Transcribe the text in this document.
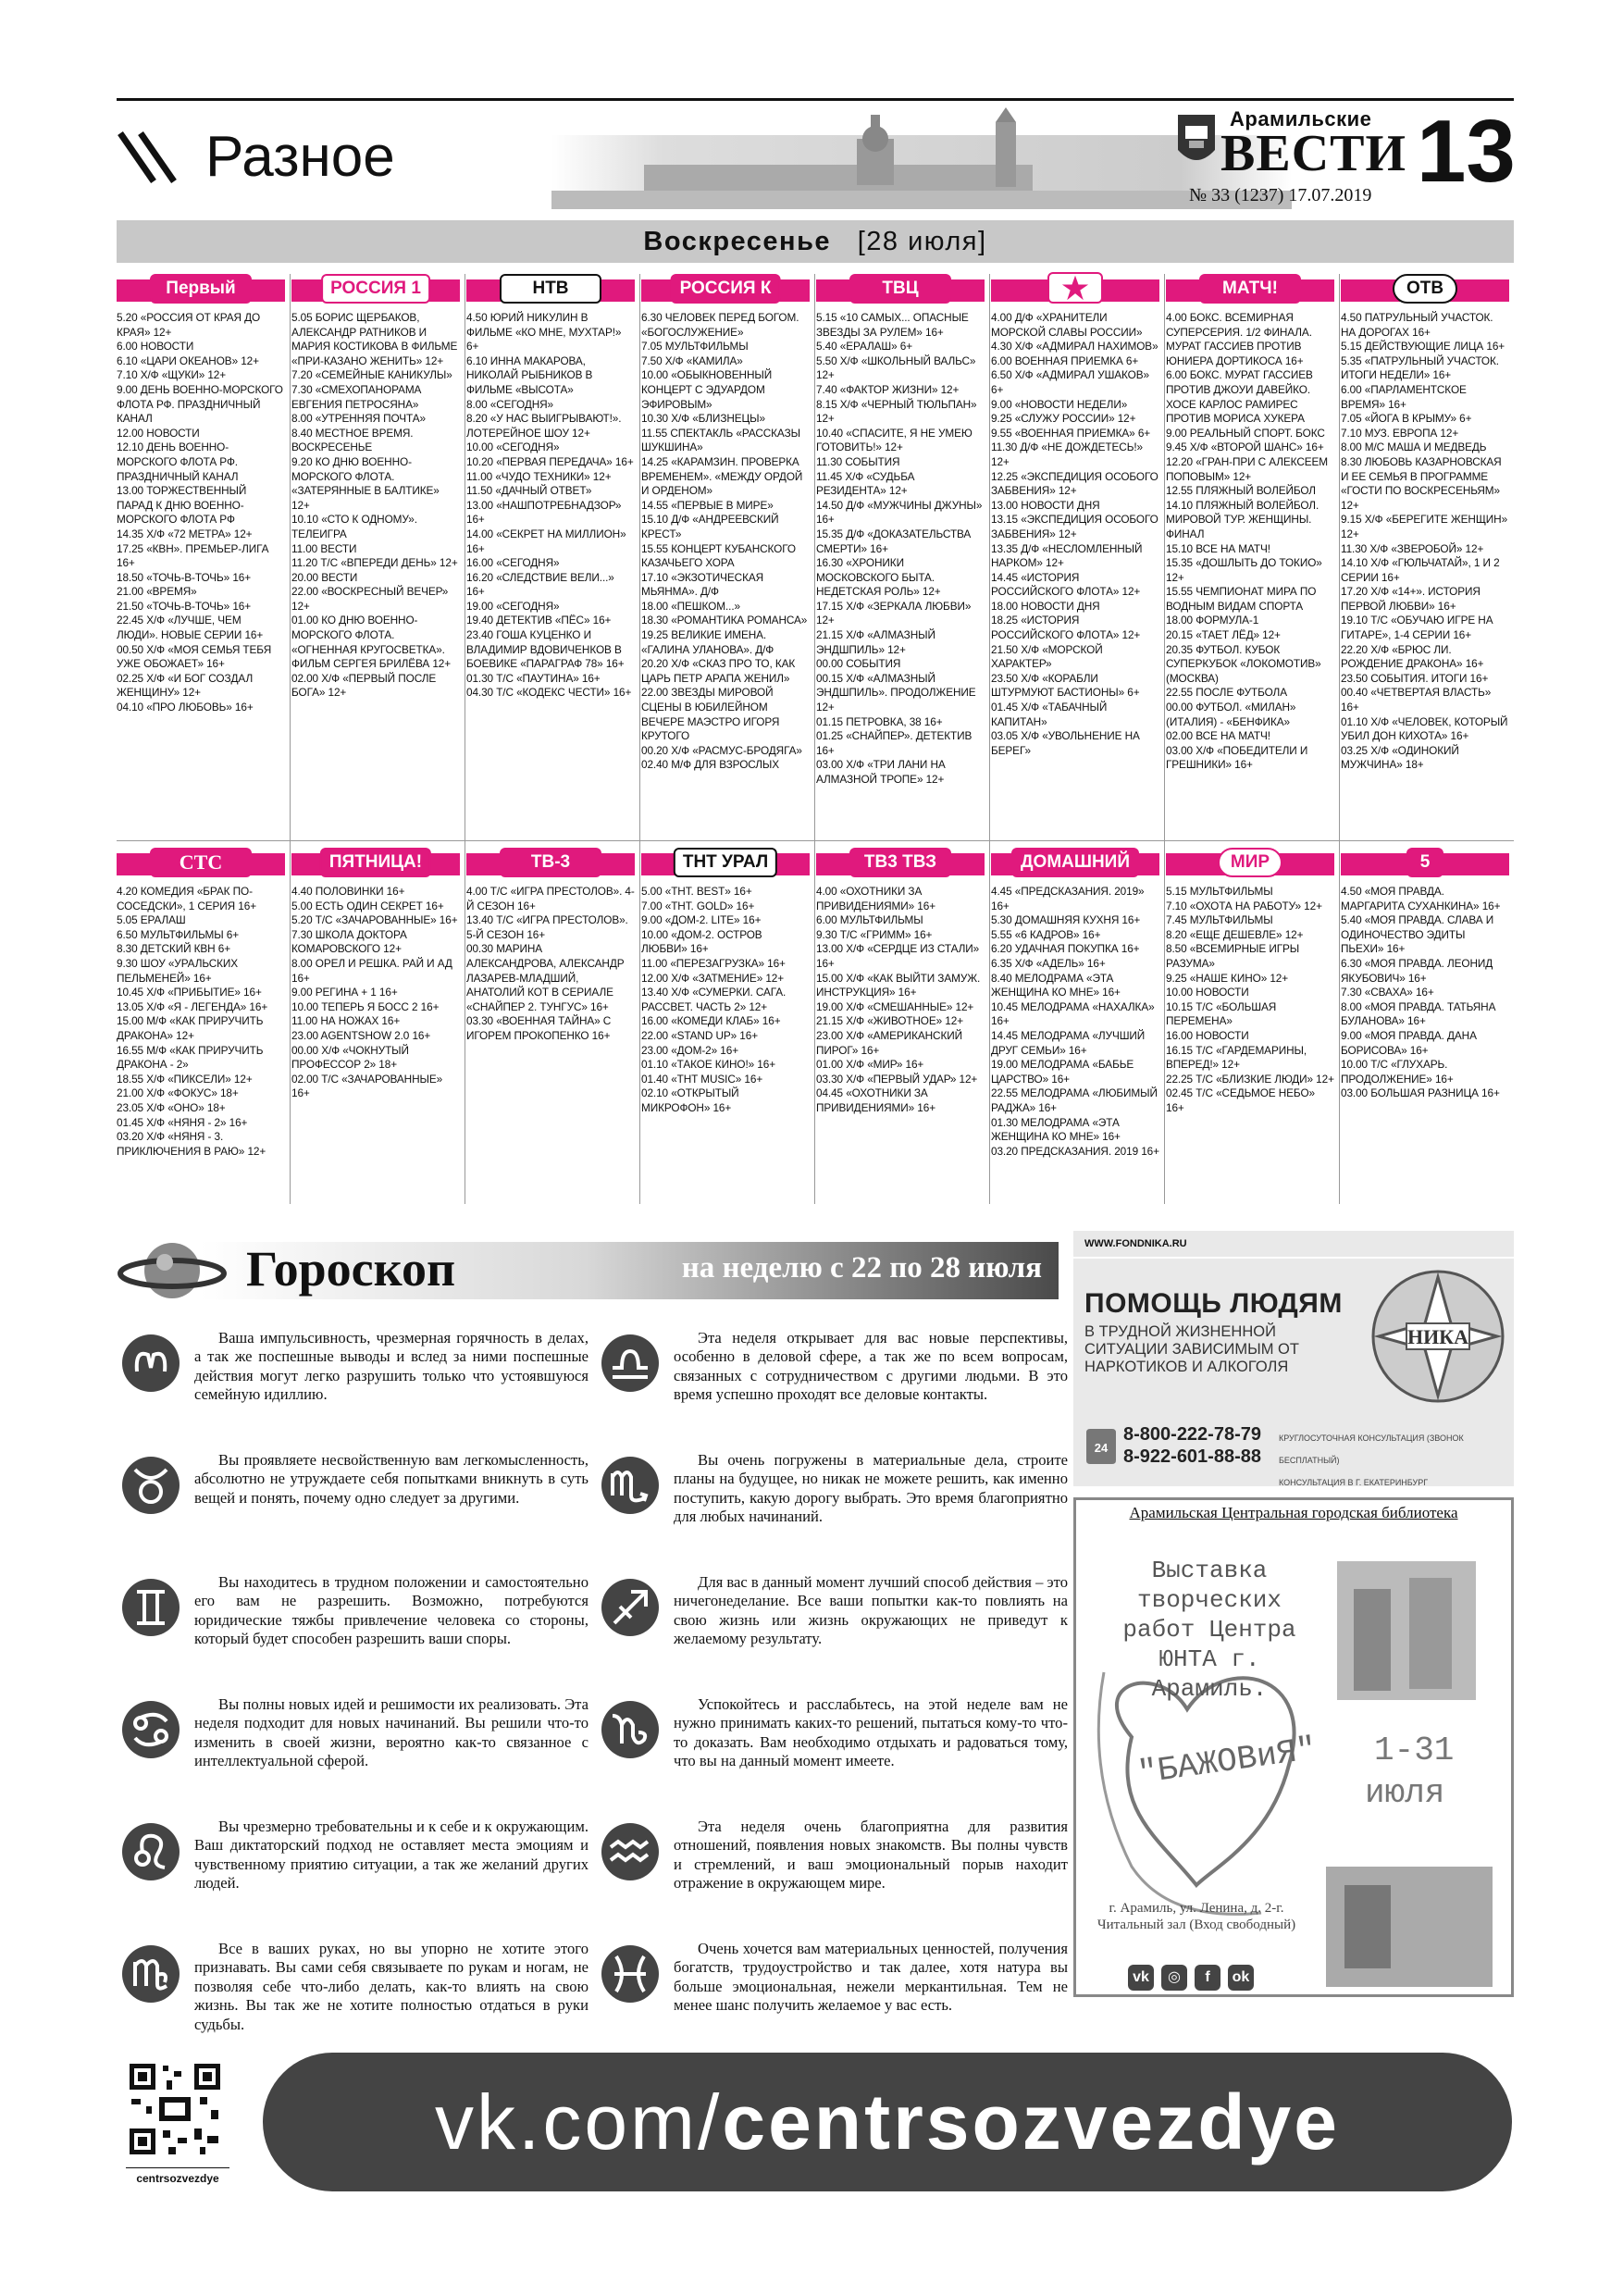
Разное
Арамильские
ВЕСТИ 13
№ 33 (1237) 17.07.2019
Воскресенье [28 июля]
Первый

5.20 «РОССИЯ ОТ КРАЯ ДО КРАЯ» 12+

6.00 НОВОСТИ

6.10 «ЦАРИ ОКЕАНОВ» 12+

7.10 Х/Ф «ЩУКИ» 12+

9.00 ДЕНЬ ВОЕННО-МОРСКОГО ФЛОТА РФ. ПРАЗДНИЧНЫЙ КАНАЛ

12.00 НОВОСТИ

12.10 ДЕНЬ ВОЕННО-МОРСКОГО ФЛОТА РФ. ПРАЗДНИЧНЫЙ КАНАЛ

13.00 ТОРЖЕСТВЕННЫЙ ПАРАД К ДНЮ ВОЕННО-МОРСКОГО ФЛОТА РФ

14.35 Х/Ф «72 МЕТРА» 12+

17.25 «КВН». ПРЕМЬЕР-ЛИГА 16+

18.50 «ТОЧЬ-В-ТОЧЬ» 16+

21.00 «ВРЕМЯ»

21.50 «ТОЧЬ-В-ТОЧЬ» 16+

22.45 Х/Ф «ЛУЧШЕ, ЧЕМ ЛЮДИ». НОВЫЕ СЕРИИ 16+

00.50 Х/Ф «МОЯ СЕМЬЯ ТЕБЯ УЖЕ ОБОЖАЕТ» 16+

02.25 Х/Ф «И БОГ СОЗДАЛ ЖЕНЩИНУ» 12+

04.10 «ПРО ЛЮБОВЬ» 16+

РОССИЯ 1

5.05 БОРИС ЩЕРБАКОВ, АЛЕКСАНДР РАТНИКОВ И МАРИЯ КОСТИКОВА В ФИЛЬМЕ «ПРИ-КАЗАНО ЖЕНИТЬ» 12+

7.20 «СЕМЕЙНЫЕ КАНИКУЛЫ»

7.30 «СМЕХОПАНОРАМА ЕВГЕНИЯ ПЕТРОСЯНА»

8.00 «УТРЕННЯЯ ПОЧТА»

8.40 МЕСТНОЕ ВРЕМЯ. ВОСКРЕСЕНЬЕ

9.20 КО ДНЮ ВОЕННО-МОРСКОГО ФЛОТА. «ЗАТЕРЯННЫЕ В БАЛТИКЕ» 12+

10.10 «СТО К ОДНОМУ». ТЕЛЕИГРА

11.00 ВЕСТИ

11.20 Т/С «ВПЕРЕДИ ДЕНЬ» 12+

20.00 ВЕСТИ

22.00 «ВОСКРЕСНЫЙ ВЕЧЕР» 12+

01.00 КО ДНЮ ВОЕННО-МОРСКОГО ФЛОТА. «ОГНЕННАЯ КРУГОСВЕТКА». ФИЛЬМ СЕРГЕЯ БРИЛЁВА 12+

02.00 Х/Ф «ПЕРВЫЙ ПОСЛЕ БОГА» 12+

НТВ

4.50 ЮРИЙ НИКУЛИН В ФИЛЬМЕ «КО МНЕ, МУХТАР!» 6+

6.10 ИННА МАКАРОВА, НИКОЛАЙ РЫБНИКОВ В ФИЛЬМЕ «ВЫСОТА»

8.00 «СЕГОДНЯ»

8.20 «У НАС ВЫИГРЫВАЮТ!». ЛОТЕРЕЙНОЕ ШОУ 12+

10.00 «СЕГОДНЯ»

10.20 «ПЕРВАЯ ПЕРЕДАЧА» 16+

11.00 «ЧУДО ТЕХНИКИ» 12+

11.50 «ДАЧНЫЙ ОТВЕТ»

13.00 «НАШПОТРЕБНАДЗОР» 16+

14.00 «СЕКРЕТ НА МИЛЛИОН» 16+

16.00 «СЕГОДНЯ»

16.20 «СЛЕДСТВИЕ ВЕЛИ...» 16+

19.00 «СЕГОДНЯ»

19.40 ДЕТЕКТИВ «ПЁС» 16+

23.40 ГОША КУЦЕНКО И ВЛАДИМИР ВДОВИЧЕНКОВ В БОЕВИКЕ «ПАРАГРАФ 78» 16+

01.30 Т/С «ПАУТИНА» 16+

04.30 Т/С «КОДЕКС ЧЕСТИ» 16+

РОССИЯ К

6.30 ЧЕЛОВЕК ПЕРЕД БОГОМ. «БОГОСЛУЖЕНИЕ»

7.05 МУЛЬТФИЛЬМЫ

7.50 Х/Ф «КАМИЛА»

10.00 «ОБЫКНОВЕННЫЙ КОНЦЕРТ С ЭДУАРДОМ ЭФИРОВЫМ»

10.30 Х/Ф «БЛИЗНЕЦЫ»

11.55 СПЕКТАКЛЬ «РАССКАЗЫ ШУКШИНА»

14.25 «КАРАМЗИН. ПРОВЕРКА ВРЕМЕНЕМ». «МЕЖДУ ОРДОЙ И ОРДЕНОМ»

14.55 «ПЕРВЫЕ В МИРЕ»

15.10 Д/Ф «АНДРЕЕВСКИЙ КРЕСТ»

15.55 КОНЦЕРТ КУБАНСКОГО КАЗАЧЬЕГО ХОРА

17.10 «ЭКЗОТИЧЕСКАЯ МЬЯНМА». Д/Ф

18.00 «ПЕШКОМ...»

18.30 «РОМАНТИКА РОМАНСА»

19.25 ВЕЛИКИЕ ИМЕНА. «ГАЛИНА УЛАНОВА». Д/Ф

20.20 Х/Ф «СКАЗ ПРО ТО, КАК ЦАРЬ ПЕТР АРАПА ЖЕНИЛ»

22.00 ЗВЕЗДЫ МИРОВОЙ СЦЕНЫ В ЮБИЛЕЙНОМ ВЕЧЕРЕ МАЭСТРО ИГОРЯ КРУТОГО

00.20 Х/Ф «РАСМУС-БРОДЯГА»

02.40 М/Ф ДЛЯ ВЗРОСЛЫХ

ТВЦ

5.15 «10 САМЫХ... ОПАСНЫЕ ЗВЕЗДЫ ЗА РУЛЕМ» 16+

5.40 «ЕРАЛАШ» 6+

5.50 Х/Ф «ШКОЛЬНЫЙ ВАЛЬС» 12+

7.40 «ФАКТОР ЖИЗНИ» 12+

8.15 Х/Ф «ЧЕРНЫЙ ТЮЛЬПАН» 12+

10.40 «СПАСИТЕ, Я НЕ УМЕЮ ГОТОВИТЬ!» 12+

11.30 СОБЫТИЯ

11.45 Х/Ф «СУДЬБА РЕЗИДЕНТА» 12+

14.50 Д/Ф «МУЖЧИНЫ ДЖУНЫ» 16+

15.35 Д/Ф «ДОКАЗАТЕЛЬСТВА СМЕРТИ» 16+

16.30 «ХРОНИКИ МОСКОВСКОГО БЫТА. НЕДЕТСКАЯ РОЛЬ» 12+

17.15 Х/Ф «ЗЕРКАЛА ЛЮБВИ» 12+

21.15 Х/Ф «АЛМАЗНЫЙ ЭНДШПИЛЬ» 12+

00.00 СОБЫТИЯ

00.15 Х/Ф «АЛМАЗНЫЙ ЭНДШПИЛЬ». ПРОДОЛЖЕНИЕ 12+

01.15 ПЕТРОВКА, 38 16+

01.25 «СНАЙПЕР». ДЕТЕКТИВ 16+

03.00 Х/Ф «ТРИ ЛАНИ НА АЛМАЗНОЙ ТРОПЕ» 12+

4.00 Д/Ф «ХРАНИТЕЛИ МОРСКОЙ СЛАВЫ РОССИИ»

4.30 Х/Ф «АДМИРАЛ НАХИМОВ»

6.00 ВОЕННАЯ ПРИЕМКА 6+

6.50 Х/Ф «АДМИРАЛ УШАКОВ» 6+

9.00 «НОВОСТИ НЕДЕЛИ»

9.25 «СЛУЖУ РОССИИ» 12+

9.55 «ВОЕННАЯ ПРИЕМКА» 6+

11.30 Д/Ф «НЕ ДОЖДЕТЕСЬ!» 12+

12.25 «ЭКСПЕДИЦИЯ ОСОБОГО ЗАБВЕНИЯ» 12+

13.00 НОВОСТИ ДНЯ

13.15 «ЭКСПЕДИЦИЯ ОСОБОГО ЗАБВЕНИЯ» 12+

13.35 Д/Ф «НЕСЛОМЛЕННЫЙ НАРКОМ» 12+

14.45 «ИСТОРИЯ РОССИЙСКОГО ФЛОТА» 12+

18.00 НОВОСТИ ДНЯ

18.25 «ИСТОРИЯ РОССИЙСКОГО ФЛОТА» 12+

21.50 Х/Ф «МОРСКОЙ ХАРАКТЕР»

23.50 Х/Ф «КОРАБЛИ ШТУРМУЮТ БАСТИОНЫ» 6+

01.45 Х/Ф «ТАБАЧНЫЙ КАПИТАН»

03.05 Х/Ф «УВОЛЬНЕНИЕ НА БЕРЕГ»

МАТЧ!

4.00 БОКС. ВСЕМИРНАЯ СУПЕРСЕРИЯ. 1/2 ФИНАЛА. МУРАТ ГАССИЕВ ПРОТИВ ЮНИЕРА ДОРТИКОСА 16+

6.00 БОКС. МУРАТ ГАССИЕВ ПРОТИВ ДЖОУИ ДАВЕЙКО. ХОСЕ КАРЛОС РАМИРЕС ПРОТИВ МОРИСА ХУКЕРА

9.00 РЕАЛЬНЫЙ СПОРТ. БОКС

9.45 Х/Ф «ВТОРОЙ ШАНС» 16+

12.20 «ГРАН-ПРИ С АЛЕКСЕЕМ ПОПОВЫМ» 12+

12.55 ПЛЯЖНЫЙ ВОЛЕЙБОЛ

14.10 ПЛЯЖНЫЙ ВОЛЕЙБОЛ. МИРОВОЙ ТУР. ЖЕНЩИНЫ. ФИНАЛ

15.10 ВСЕ НА МАТЧ!

15.35 «ДОШЛЫТЬ ДО ТОКИО» 12+

15.55 ЧЕМПИОНАТ МИРА ПО ВОДНЫМ ВИДАМ СПОРТА

18.00 ФОРМУЛА-1

20.15 «ТАЕТ ЛЁД» 12+

20.35 ФУТБОЛ. КУБОК СУПЕРКУБОК «ЛОКОМОТИВ» (МОСКВА)

22.55 ПОСЛЕ ФУТБОЛА

00.00 ФУТБОЛ. «МИЛАН» (ИТАЛИЯ) - «БЕНФИКА»

02.00 ВСЕ НА МАТЧ!

03.00 Х/Ф «ПОБЕДИТЕЛИ И ГРЕШНИКИ» 16+

ОТВ

4.50 ПАТРУЛЬНЫЙ УЧАСТОК. НА ДОРОГАХ 16+

5.15 ДЕЙСТВУЮЩИЕ ЛИЦА 16+

5.35 «ПАТРУЛЬНЫЙ УЧАСТОК. ИТОГИ НЕДЕЛИ» 16+

6.00 «ПАРЛАМЕНТСКОЕ ВРЕМЯ» 16+

7.05 «ЙОГА В КРЫМУ» 6+

7.10 МУЗ. ЕВРОПА 12+

8.00 М/С МАША И МЕДВЕДЬ

8.30 ЛЮБОВЬ КАЗАРНОВСКАЯ И ЕЕ СЕМЬЯ В ПРОГРАММЕ «ГОСТИ ПО ВОСКРЕСЕНЬЯМ» 12+

9.15 Х/Ф «БЕРЕГИТЕ ЖЕНЩИН» 12+

11.30 Х/Ф «ЗВЕРОБОЙ» 12+

14.10 Х/Ф «ГЮЛЬЧАТАЙ», 1 И 2 СЕРИИ 16+

17.20 Х/Ф «14+». ИСТОРИЯ ПЕРВОЙ ЛЮБВИ» 16+

19.10 Т/С «ОБУЧАЮ ИГРЕ НА ГИТАРЕ», 1-4 СЕРИИ 16+

22.20 Х/Ф «БРЮС ЛИ. РОЖДЕНИЕ ДРАКОНА» 16+

23.50 СОБЫТИЯ. ИТОГИ 16+

00.40 «ЧЕТВЕРТАЯ ВЛАСТЬ» 16+

01.10 Х/Ф «ЧЕЛОВЕК, КОТОРЫЙ УБИЛ ДОН КИХОТА» 16+

03.25 Х/Ф «ОДИНОКИЙ МУЖЧИНА» 18+

СТС

4.20 КОМЕДИЯ «БРАК ПО-СОСЕДСКИ», 1 СЕРИЯ 16+

5.05 ЕРАЛАШ

6.50 МУЛЬТФИЛЬМЫ 6+

8.30 ДЕТСКИЙ КВН 6+

9.30 ШОУ «УРАЛЬСКИХ ПЕЛЬМЕНЕЙ» 16+

10.45 Х/Ф «ПРИБЫТИЕ» 16+

13.05 Х/Ф «Я - ЛЕГЕНДА» 16+

15.00 М/Ф «КАК ПРИРУЧИТЬ ДРАКОНА» 12+

16.55 М/Ф «КАК ПРИРУЧИТЬ ДРАКОНА - 2»

18.55 Х/Ф «ПИКСЕЛИ» 12+

21.00 Х/Ф «ФОКУС» 18+

23.05 Х/Ф «ОНО» 18+

01.45 Х/Ф «НЯНЯ - 2» 16+

03.20 Х/Ф «НЯНЯ - 3. ПРИКЛЮЧЕНИЯ В РАЮ» 12+

ПЯТНИЦА!

4.40 ПОЛОВИНКИ 16+

5.00 ЕСТЬ ОДИН СЕКРЕТ 16+

5.20 Т/С «ЗАЧАРОВАННЫЕ» 16+

7.30 ШКОЛА ДОКТОРА КОМАРОВСКОГО 12+

8.00 ОРЕЛ И РЕШКА. РАЙ И АД 16+

9.00 РЕГИНА + 1 16+

10.00 ТЕПЕРЬ Я БОСС 2 16+

11.00 НА НОЖАХ 16+

23.00 AGENTSHOW 2.0 16+

00.00 Х/Ф «ЧОКНУТЫЙ ПРОФЕССОР 2» 18+

02.00 Т/С «ЗАЧАРОВАННЫЕ» 16+

ТВ-3

4.00 Т/С «ИГРА ПРЕСТОЛОВ». 4-Й СЕЗОН 16+

13.40 Т/С «ИГРА ПРЕСТОЛОВ». 5-Й СЕЗОН 16+

00.30 МАРИНА АЛЕКСАНДРОВА, АЛЕКСАНДР ЛАЗАРЕВ-МЛАДШИЙ, АНАТОЛИЙ КОТ В СЕРИАЛЕ «СНАЙПЕР 2. ТУНГУС» 16+

03.30 «ВОЕННАЯ ТАЙНА» С ИГОРЕМ ПРОКОПЕНКО 16+

ТНТ УРАЛ

5.00 «ТНТ. BEST» 16+

7.00 «ТНТ. GOLD» 16+

9.00 «ДОМ-2. LITE» 16+

10.00 «ДОМ-2. ОСТРОВ ЛЮБВИ» 16+

11.00 «ПЕРЕЗАГРУЗКА» 16+

12.00 Х/Ф «ЗАТМЕНИЕ» 12+

13.40 Х/Ф «СУМЕРКИ. САГА. РАССВЕТ. ЧАСТЬ 2» 12+

16.00 «КОМЕДИ КЛАБ» 16+

22.00 «STAND UP» 16+

23.00 «ДОМ-2» 16+

01.10 «ТАКОЕ КИНО!» 16+

01.40 «THT MUSIC» 16+

02.10 «ОТКРЫТЫЙ МИКРОФОН» 16+

ТВ3 ТВЗ

4.00 «ОХОТНИКИ ЗА ПРИВИДЕНИЯМИ» 16+

6.00 МУЛЬТФИЛЬМЫ

9.30 Т/С «ГРИММ» 16+

13.00 Х/Ф «СЕРДЦЕ ИЗ СТАЛИ» 16+

15.00 Х/Ф «КАК ВЫЙТИ ЗАМУЖ. ИНСТРУКЦИЯ» 16+

19.00 Х/Ф «СМЕШАННЫЕ» 12+

21.15 Х/Ф «ЖИВОТНОЕ» 12+

23.00 Х/Ф «АМЕРИКАНСКИЙ ПИРОГ» 16+

01.00 Х/Ф «МИР» 16+

03.30 Х/Ф «ПЕРВЫЙ УДАР» 12+

04.45 «ОХОТНИКИ ЗА ПРИВИДЕНИЯМИ» 16+

ДОМАШНИЙ

4.45 «ПРЕДСКАЗАНИЯ. 2019» 16+

5.30 ДОМАШНЯЯ КУХНЯ 16+

5.55 «6 КАДРОВ» 16+

6.20 УДАЧНАЯ ПОКУПКА 16+

6.35 Х/Ф «АДЕЛЬ» 16+

8.40 МЕЛОДРАМА «ЭТА ЖЕНЩИНА КО МНЕ» 16+

10.45 МЕЛОДРАМА «НАХАЛКА» 16+

14.45 МЕЛОДРАМА «ЛУЧШИЙ ДРУГ СЕМЬИ» 16+

19.00 МЕЛОДРАМА «БАБЬЕ ЦАРСТВО» 16+

22.55 МЕЛОДРАМА «ЛЮБИМЫЙ РАДЖА» 16+

01.30 МЕЛОДРАМА «ЭТА ЖЕНЩИНА КО МНЕ» 16+

03.20 ПРЕДСКАЗАНИЯ. 2019 16+

МИР

5.15 МУЛЬТФИЛЬМЫ

7.10 «ОХОТА НА РАБОТУ» 12+

7.45 МУЛЬТФИЛЬМЫ

8.20 «ЕЩЕ ДЕШЕВЛЕ» 12+

8.50 «ВСЕМИРНЫЕ ИГРЫ РАЗУМА»

9.25 «НАШЕ КИНО» 12+

10.00 НОВОСТИ

10.15 Т/С «БОЛЬШАЯ ПЕРЕМЕНА»

16.00 НОВОСТИ

16.15 Т/С «ГАРДЕМАРИНЫ, ВПЕРЕД!» 12+

22.25 Т/С «БЛИЗКИЕ ЛЮДИ» 12+

02.45 Т/С «СЕДЬМОЕ НЕБО» 16+

5

4.50 «МОЯ ПРАВДА. МАРГАРИТА СУХАНКИНА» 16+

5.40 «МОЯ ПРАВДА. СЛАВА И ОДИНОЧЕСТВО ЭДИТЫ ПЬЕХИ» 16+

6.30 «МОЯ ПРАВДА. ЛЕОНИД ЯКУБОВИЧ» 16+

7.30 «СВАХА» 16+

8.00 «МОЯ ПРАВДА. ТАТЬЯНА БУЛАНОВА» 16+

9.00 «МОЯ ПРАВДА. ДАНА БОРИСОВА» 16+

10.00 Т/С «ГЛУХАРЬ. ПРОДОЛЖЕНИЕ» 16+

03.00 БОЛЬШАЯ РАЗНИЦА 16+

Гороскоп	на неделю с 22 по 28 июля
Ваша импульсивность, чрезмерная горячность в делах, а так же поспешные выводы и вслед за ними поспешные действия могут легко разрушить только что устоявшуюся семейную идиллию.
Вы проявляете несвойственную вам легкомысленность, абсолютно не утруждаете себя попытками вникнуть в суть вещей и понять, почему одно следует за другими.
Вы находитесь в трудном положении и самостоятельно его вам не разрешить. Возможно, потребуются юридические тяжбы привлечение человека со стороны, который будет способен разрешить ваши споры.
Вы полны новых идей и решимости их реализовать. Эта неделя подходит для новых начинаний. Вы решили что-то изменить в своей жизни, вероятно как-то связанное с интеллектуальной сферой.
Вы чрезмерно требовательны и к себе и к окружающим. Ваш диктаторский подход не оставляет места эмоциям и чувственному приятию ситуации, а так же желаний других людей.
Все в ваших руках, но вы упорно не хотите этого признавать. Вы сами себя связываете по рукам и ногам, не позволяя себе что-либо делать, как-то влиять на свою жизнь. Вы так же не хотите полностью отдаться в руки судьбы.
Эта неделя открывает для вас новые перспективы, особенно в деловой сфере, а так же по всем вопросам, связанных с сотрудничеством с другими людьми. В это время успешно проходят все деловые контакты.
Вы очень погружены в материальные дела, строите планы на будущее, но никак не можете решить, как именно поступить, какую дорогу выбрать. Это время благоприятно для любых начинаний.
Для вас в данный момент лучший способ действия – это ничегонеделание. Все ваши попытки как-то повлиять на свою жизнь или жизнь окружающих не приведут к желаемому результату.
Успокойтесь и расслабьтесь, на этой неделе вам не нужно принимать каких-то решений, пытаться кому-то что-то доказать. Вам необходимо отдыхать и радоваться тому, что вы на данный момент имеете.
Эта неделя очень благоприятна для развития отношений, появления новых знакомств. Вы полны чувств и стремлений, и ваш эмоциональный порыв находит отражение в окружающем мире.
Очень хочется вам материальных ценностей, получения богатств, трудоустройство и так далее, хотя натура вы больше эмоциональная, нежели меркантильная. Тем не менее шанс получить желаемое у вас есть.
WWW.FONDNIKA.RU
ПОМОЩЬ ЛЮДЯМ
В ТРУДНОЙ ЖИЗНЕННОЙ СИТУАЦИИ ЗАВИСИМЫМ ОТ НАРКОТИКОВ И АЛКОГОЛЯ
НИКА
24
8-800-222-78-79
8-922-601-88-88
КРУГЛОСУТОЧНАЯ КОНСУЛЬТАЦИЯ (ЗВОНОК БЕСПЛАТНЫЙ)
КОНСУЛЬТАЦИЯ В Г. ЕКАТЕРИНБУРГ
Арамильская Центральная городская библиотека
Выставка творческих работ Центра ЮНТА г. Арамиль.
"БАЖОВиЯ" 1-31
июля
г. Арамиль, ул. Ленина, д. 2-г. Читальный зал (Вход свободный)
vk	◎	f	ok
centrsozvezdye
vk.com/centrsozvezdye
